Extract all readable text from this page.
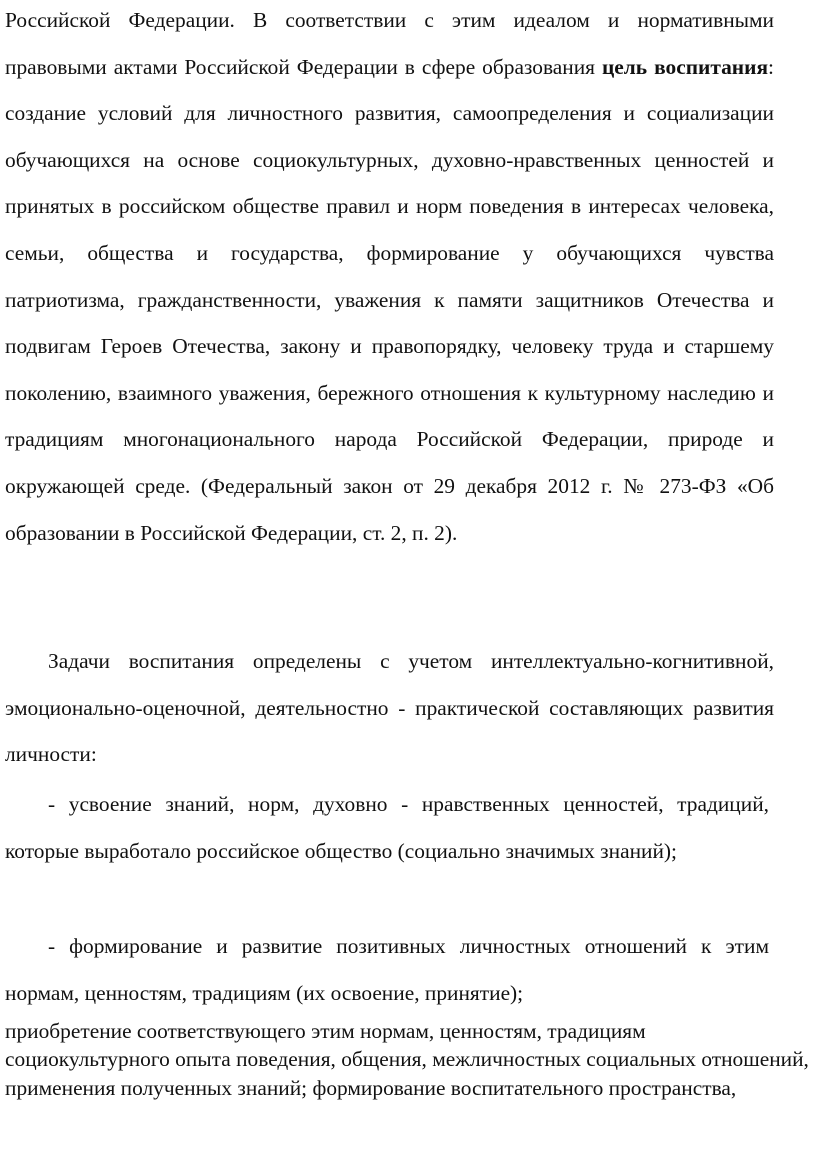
Российской Федерации. В соответствии с этим идеалом и нормативными правовыми актами Российской Федерации в сфере образования цель воспитания: создание условий для личностного развития, самоопределения и социализации обучающихся на основе социокультурных, духовно-нравственных ценностей и принятых в российском обществе правил и норм поведения в интересах человека, семьи, общества и государства, формирование у обучающихся чувства патриотизма, гражданственности, уважения к памяти защитников Отечества и подвигам Героев Отечества, закону и правопорядку, человеку труда и старшему поколению, взаимного уважения, бережного отношения к культурному наследию и традициям многонационального народа Российской Федерации, природе и окружающей среде. (Федеральный закон от 29 декабря 2012 г. № 273-ФЗ «Об образовании в Российской Федерации, ст. 2, п. 2).

Задачи воспитания определены с учетом интеллектуально-когнитивной, эмоционально-оценочной, деятельностно - практической составляющих развития личности:

- усвоение знаний, норм, духовно - нравственных ценностей, традиций, которые выработало российское общество (социально значимых знаний);

- формирование и развитие позитивных личностных отношений к этим нормам, ценностям, традициям (их освоение, принятие);

приобретение соответствующего этим нормам, ценностям, традициям социокультурного опыта поведения, общения, межличностных социальных отношений, применения полученных знаний; формирование воспитательного пространства,
